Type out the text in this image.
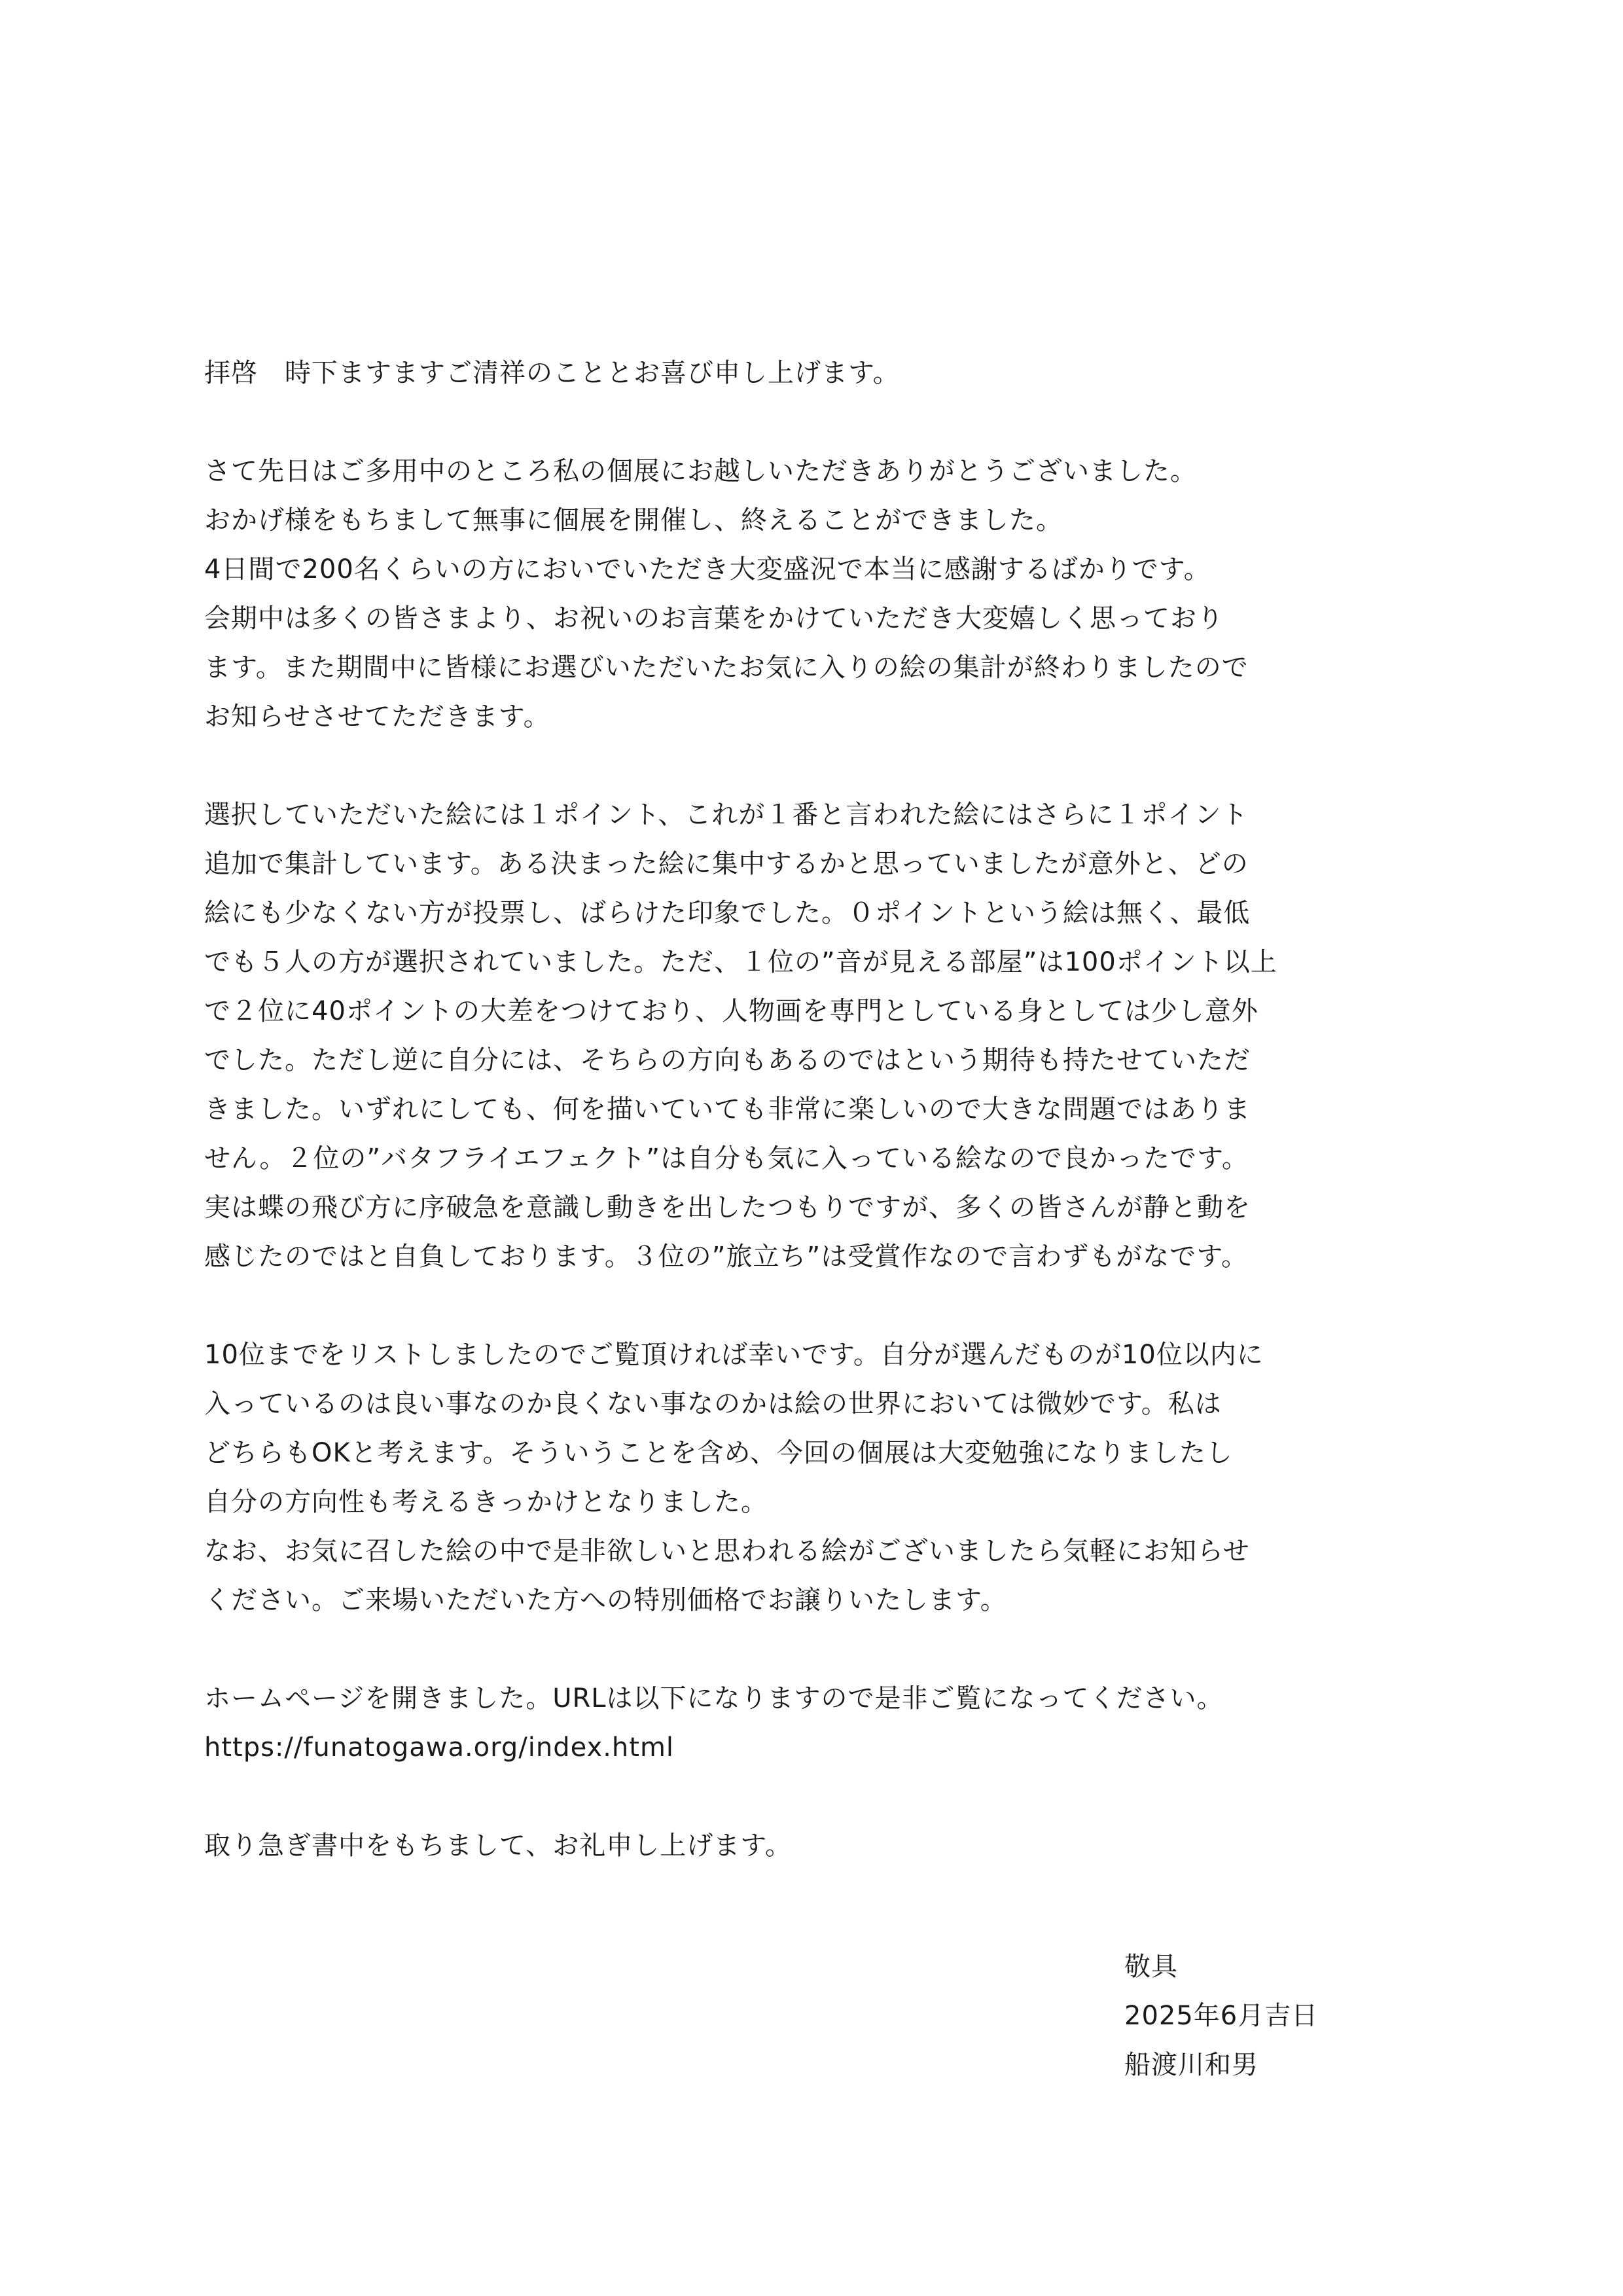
拝啓　時下ますますご清祥のこととお喜び申し上げます。
さて先日はご多用中のところ私の個展にお越しいただきありがとうございました。
おかげ様をもちまして無事に個展を開催し、終えることができました。
4日間で200名くらいの方においでいただき大変盛況で本当に感謝するばかりです。
会期中は多くの皆さまより、お祝いのお言葉をかけていただき大変嬉しく思っており
ます。また期間中に皆様にお選びいただいたお気に入りの絵の集計が終わりましたので
お知らせさせてただきます。
選択していただいた絵には１ポイント、これが１番と言われた絵にはさらに１ポイント
追加で集計しています。ある決まった絵に集中するかと思っていましたが意外と、どの
絵にも少なくない方が投票し、ばらけた印象でした。０ポイントという絵は無く、最低
でも５人の方が選択されていました。ただ、１位の”音が見える部屋”は100ポイント以上
で２位に40ポイントの大差をつけており、人物画を専門としている身としては少し意外
でした。ただし逆に自分には、そちらの方向もあるのではという期待も持たせていただ
きました。いずれにしても、何を描いていても非常に楽しいので大きな問題ではありま
せん。２位の”バタフライエフェクト”は自分も気に入っている絵なので良かったです。
実は蝶の飛び方に序破急を意識し動きを出したつもりですが、多くの皆さんが静と動を
感じたのではと自負しております。３位の”旅立ち”は受賞作なので言わずもがなです。
10位までをリストしましたのでご覧頂ければ幸いです。自分が選んだものが10位以内に
入っているのは良い事なのか良くない事なのかは絵の世界においては微妙です。私は
どちらもOKと考えます。そういうことを含め、今回の個展は大変勉強になりましたし
自分の方向性も考えるきっかけとなりました。
なお、お気に召した絵の中で是非欲しいと思われる絵がございましたら気軽にお知らせ
ください。ご来場いただいた方への特別価格でお譲りいたします。
ホームページを開きました。URLは以下になりますので是非ご覧になってください。
https://funatogawa.org/index.html
取り急ぎ書中をもちまして、お礼申し上げます。
敬具
2025年6月吉日
船渡川和男
